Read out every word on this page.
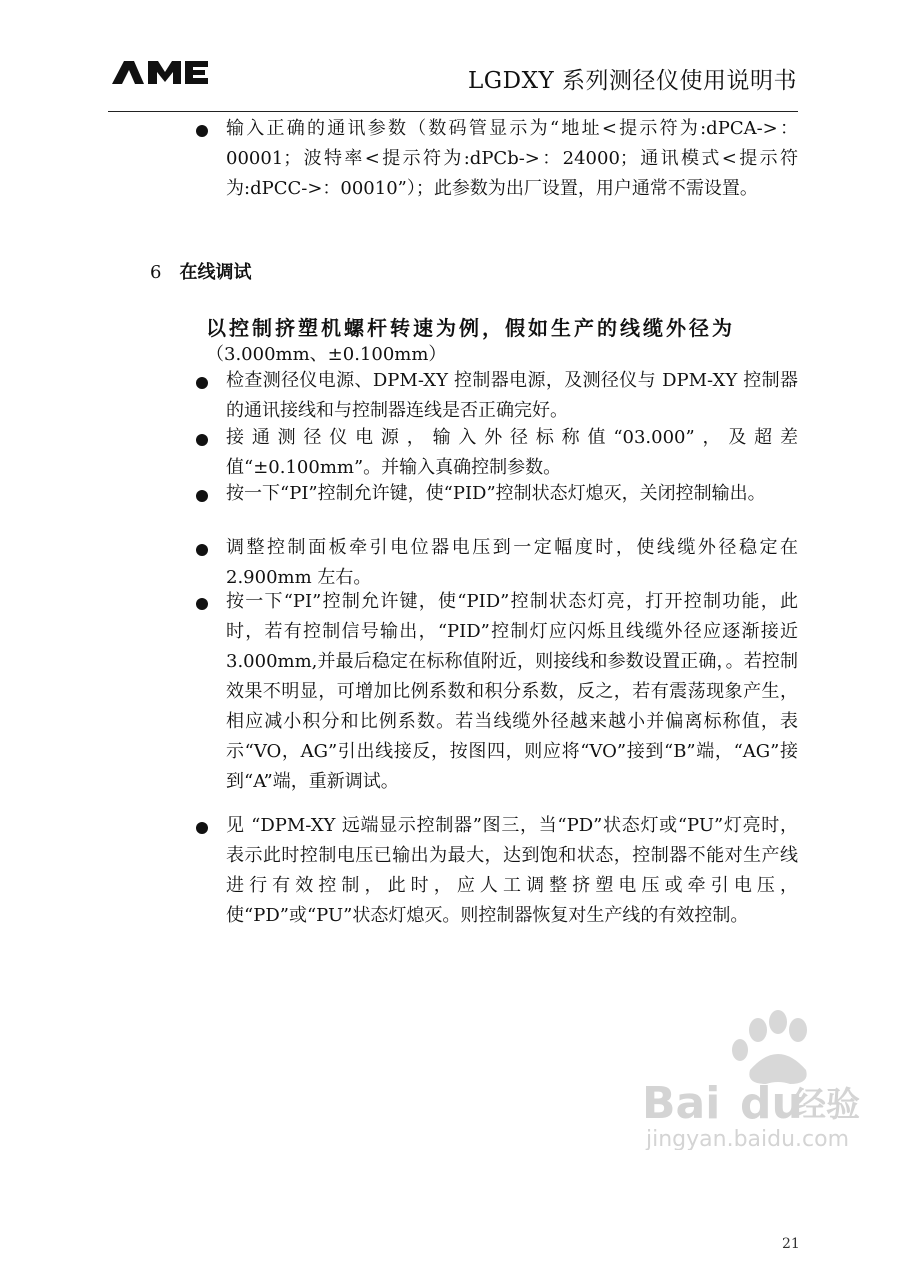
LGDXY 系列测径仪使用说明书

输入正确的通讯参数（数码管显示为“地址<提示符为:dPCA->：00001；波特率<提示符为:dPCb->：24000；通讯模式<提示符为:dPCC->：00010”）；此参数为出厂设置，用户通常不需设置。

6 在线调试

以控制挤塑机螺杆转速为例，假如生产的线缆外径为

（3.000mm、±0.100mm）

检查测径仪电源、DPM-XY 控制器电源，及测径仪与 DPM-XY 控制器的通讯接线和与控制器连线是否正确完好。

接通测径仪电源，输入外径标称值“03.000”，及超差值“±0.100mm”。并输入真确控制参数。

按一下“PI”控制允许键，使“PID”控制状态灯熄灭，关闭控制输出。

调整控制面板牵引电位器电压到一定幅度时，使线缆外径稳定在 2.900mm 左右。

按一下“PI”控制允许键，使“PID”控制状态灯亮，打开控制功能，此时，若有控制信号输出，“PID”控制灯应闪烁且线缆外径应逐渐接近 3.000mm,并最后稳定在标称值附近，则接线和参数设置正确，。若控制效果不明显，可增加比例系数和积分系数，反之，若有震荡现象产生，相应减小积分和比例系数。若当线缆外径越来越小并偏离标称值，表示“VO，AG”引出线接反，按图四，则应将“VO”接到“B”端，“AG”接到“A”端，重新调试。

见 “DPM-XY 远端显示控制器”图三，当“PD”状态灯或“PU”灯亮时，表示此时控制电压已输出为最大，达到饱和状态，控制器不能对生产线进行有效控制，此时，应人工调整挤塑电压或牵引电压，使“PD”或“PU”状态灯熄灭。则控制器恢复对生产线的有效控制。

Bai du
经验
jingyan.baidu.com
21
